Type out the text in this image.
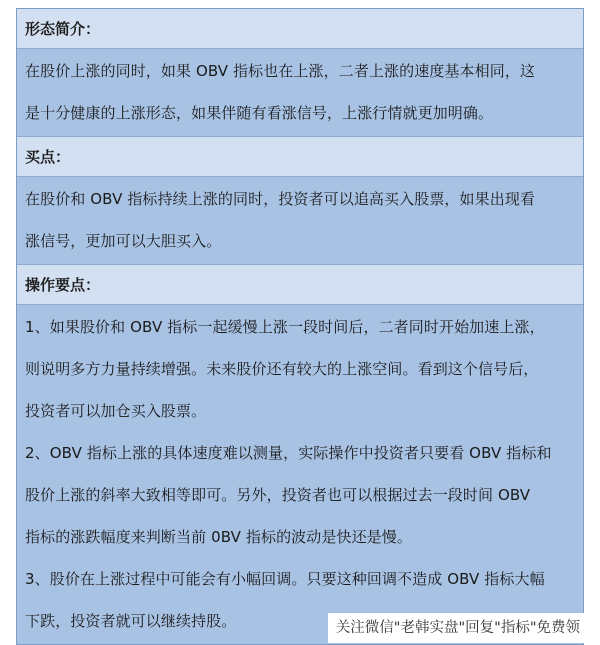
形态简介：

在股价上涨的同时，如果 OBV 指标也在上涨，二者上涨的速度基本相同，这

是十分健康的上涨形态，如果伴随有看涨信号，上涨行情就更加明确。

买点：

在股价和 OBV 指标持续上涨的同时，投资者可以追高买入股票，如果出现看

涨信号，更加可以大胆买入。

操作要点：

1、如果股价和 OBV 指标一起缓慢上涨一段时间后，二者同时开始加速上涨，

则说明多方力量持续增强。未来股价还有较大的上涨空间。看到这个信号后，

投资者可以加仓买入股票。

2、OBV 指标上涨的具体速度难以测量，实际操作中投资者只要看 OBV 指标和

股价上涨的斜率大致相等即可。另外，投资者也可以根据过去一段时间 OBV

指标的涨跌幅度来判断当前 0BV 指标的波动是快还是慢。

3、股价在上涨过程中可能会有小幅回调。只要这种回调不造成 OBV 指标大幅

下跌，投资者就可以继续持股。	关注微信"老韩实盘"回复"指标"免费领
